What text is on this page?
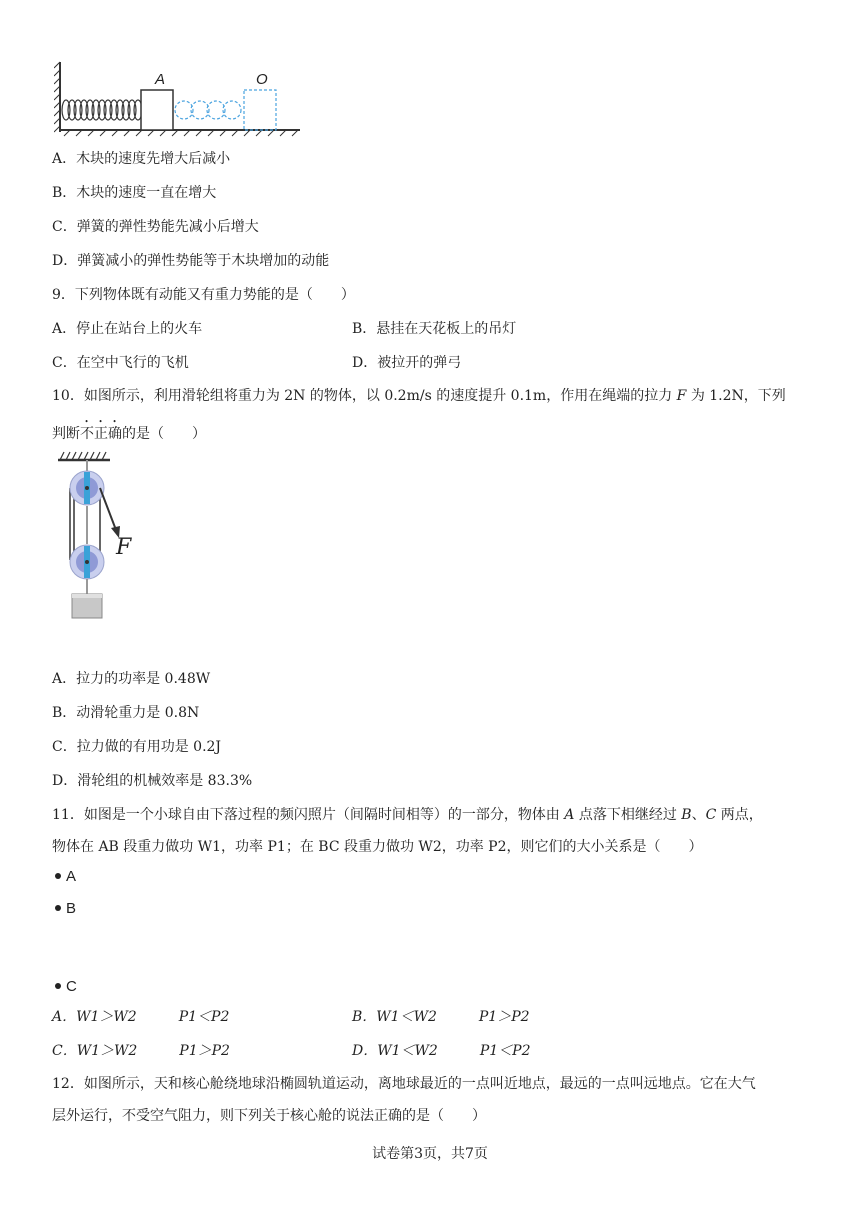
A	O
A．木块的速度先增大后减小
B．木块的速度一直在增大
C．弹簧的弹性势能先减小后增大
D．弹簧减小的弹性势能等于木块增加的动能
9．下列物体既有动能又有重力势能的是（　　）
A．停止在站台上的火车	B．悬挂在天花板上的吊灯
C．在空中飞行的飞机	D．被拉开的弹弓
10．如图所示，利用滑轮组将重力为 2N 的物体，以 0.2m/s 的速度提升 0.1m，作用在绳端的拉力 F 为 1.2N，下列
判断不正确的是（　　）
F
A．拉力的功率是 0.48W
B．动滑轮重力是 0.8N
C．拉力做的有用功是 0.2J
D．滑轮组的机械效率是 83.3%
11．如图是一个小球自由下落过程的频闪照片（间隔时间相等）的一部分，物体由 A 点落下相继经过 B、C 两点，
物体在 AB 段重力做功 W1，功率 P1；在 BC 段重力做功 W2，功率 P2，则它们的大小关系是（　　）
A
B
C
A．W1＞W2　　　P1＜P2	B．W1＜W2　　　P1＞P2
C．W1＞W2　　　P1＞P2	D．W1＜W2　　　P1＜P2
12．如图所示，天和核心舱绕地球沿椭圆轨道运动，离地球最近的一点叫近地点，最远的一点叫远地点。它在大气
层外运行，不受空气阻力，则下列关于核心舱的说法正确的是（　　）
试卷第3页，共7页
